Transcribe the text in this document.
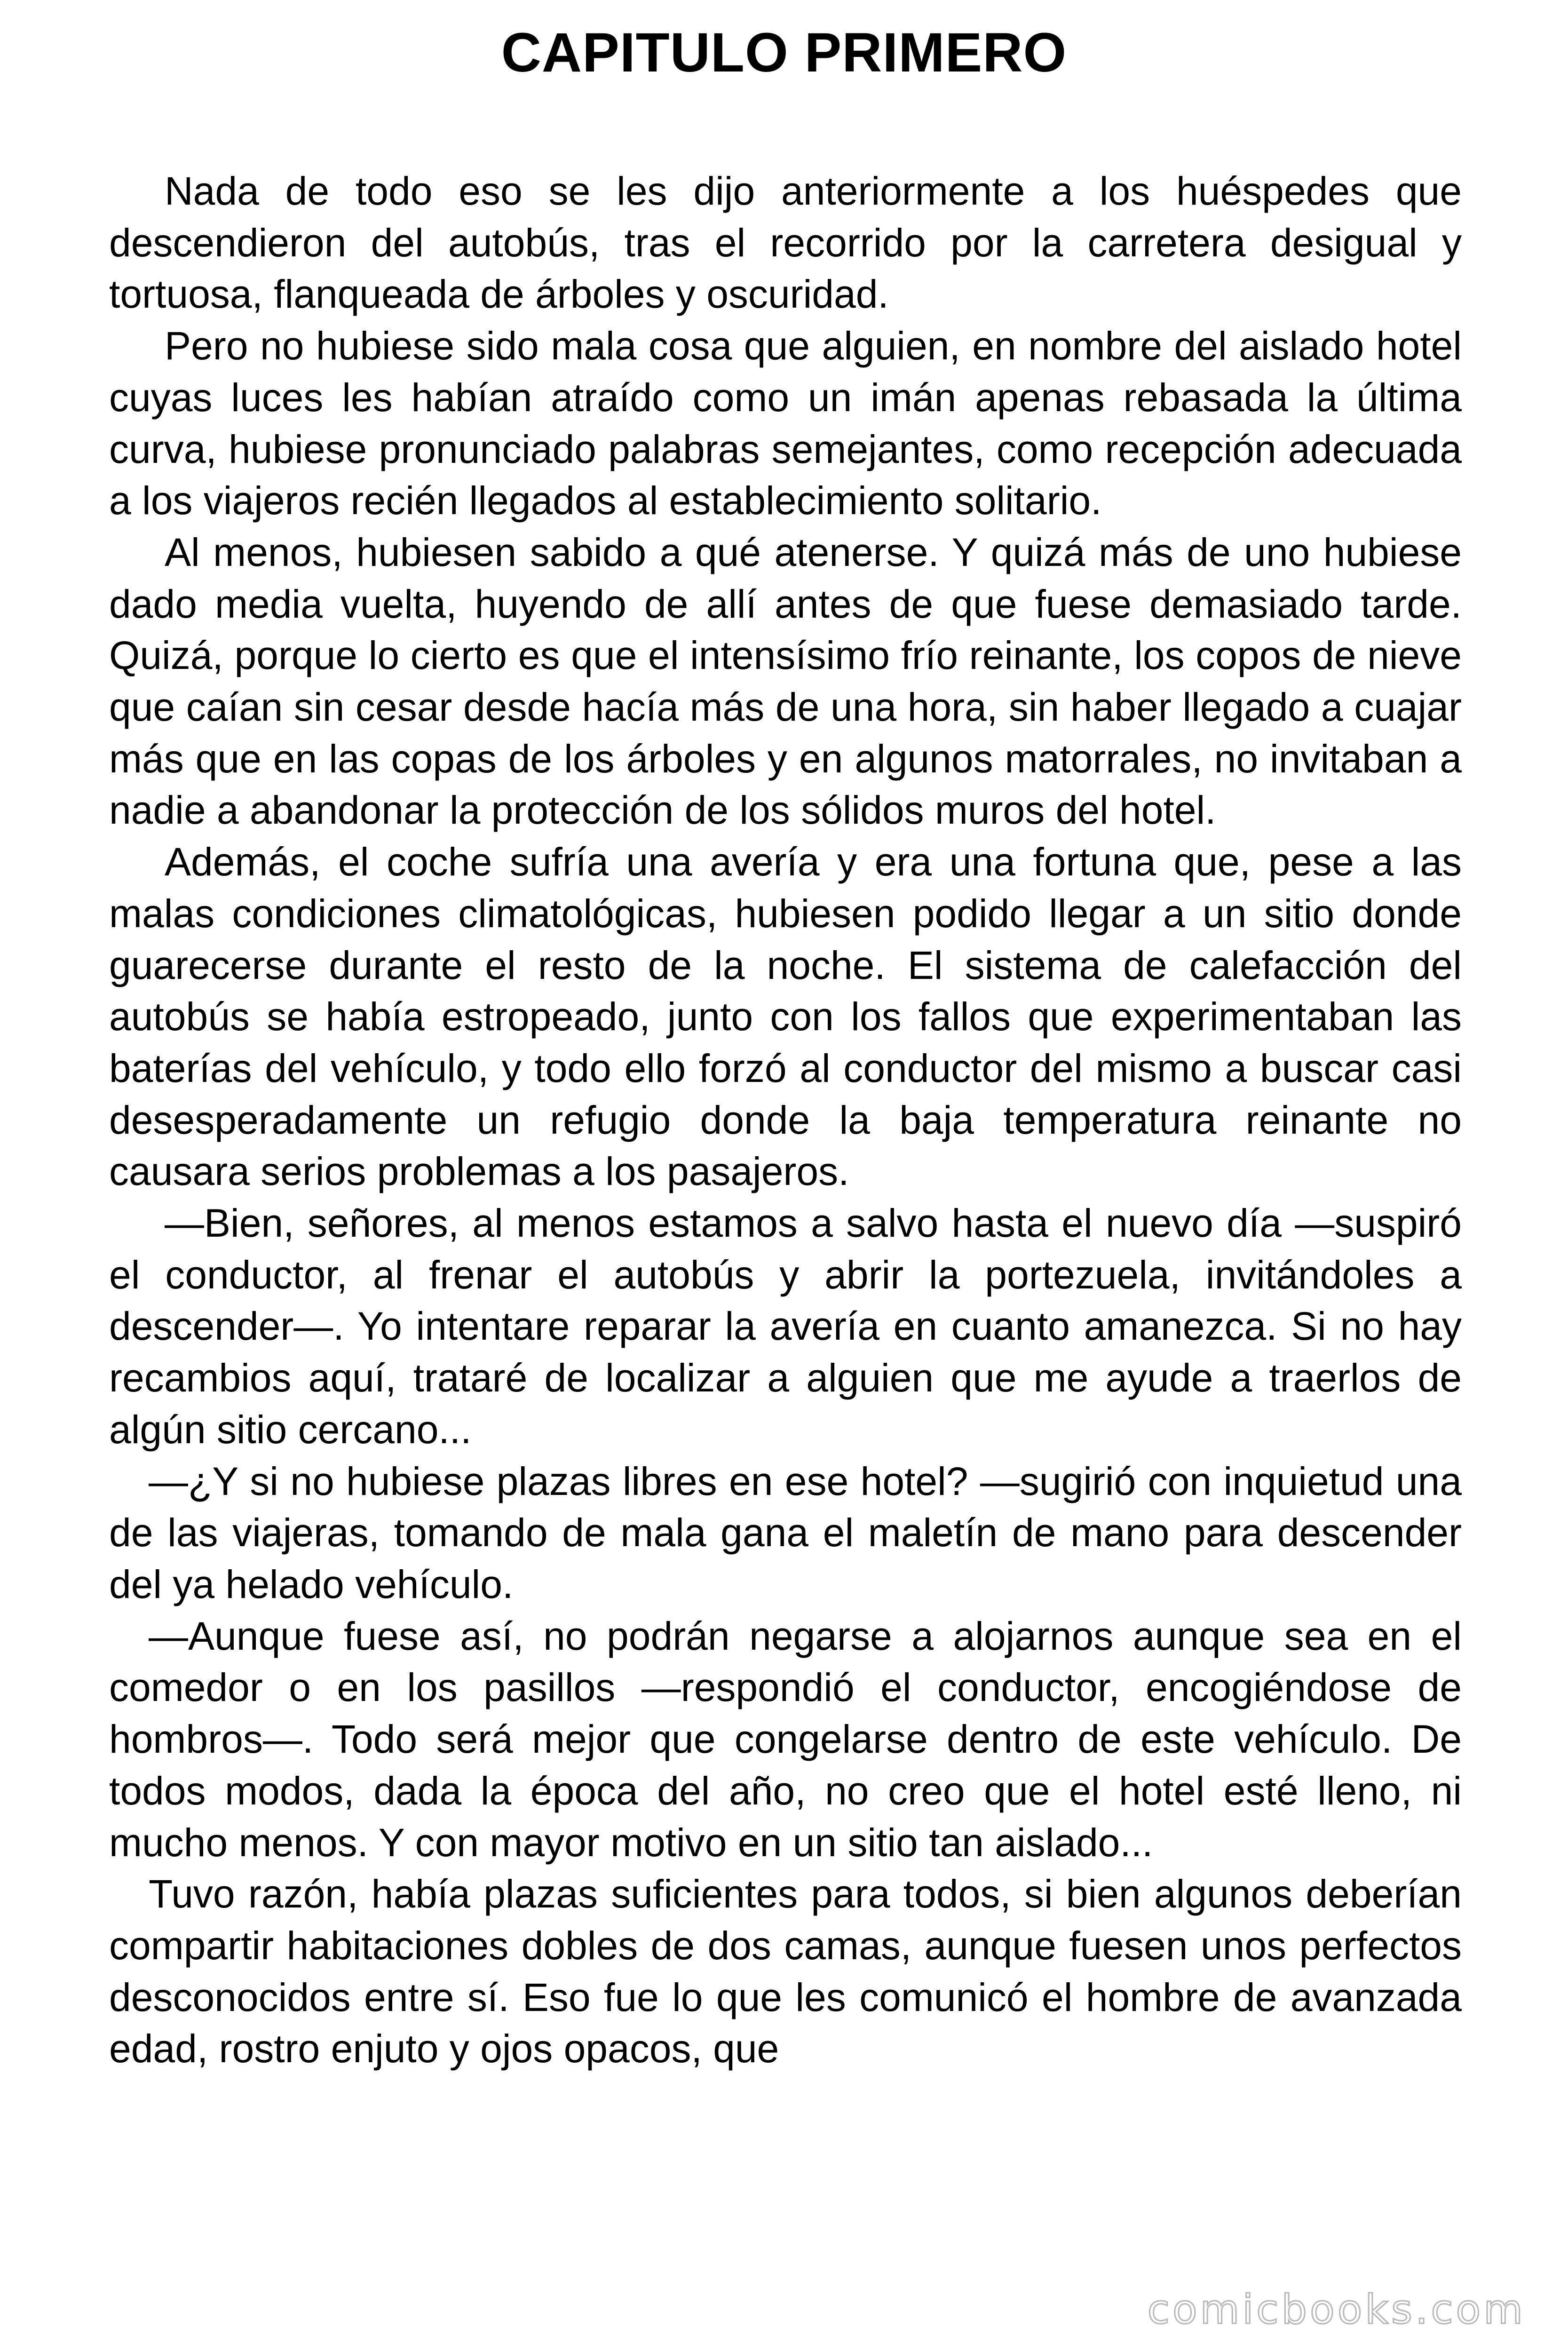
CAPITULO PRIMERO

Nada de todo eso se les dijo anteriormente a los huéspedes que descendieron del autobús, tras el recorrido por la carretera desigual y tortuosa, flanqueada de árboles y oscuridad.

Pero no hubiese sido mala cosa que alguien, en nombre del aislado hotel cuyas luces les habían atraído como un imán apenas rebasada la última curva, hubiese pronunciado palabras semejantes, como recepción adecuada a los viajeros recién llegados al establecimiento solitario.

Al menos, hubiesen sabido a qué atenerse. Y quizá más de uno hubiese dado media vuelta, huyendo de allí antes de que fuese demasiado tarde. Quizá, porque lo cierto es que el intensísimo frío reinante, los copos de nieve que caían sin cesar desde hacía más de una hora, sin haber llegado a cuajar más que en las copas de los árboles y en algunos matorrales, no invitaban a nadie a abandonar la protección de los sólidos muros del hotel.

Además, el coche sufría una avería y era una fortuna que, pese a las malas condiciones climatológicas, hubiesen podido llegar a un sitio donde guarecerse durante el resto de la noche. El sistema de calefacción del autobús se había estropeado, junto con los fallos que experimentaban las baterías del vehículo, y todo ello forzó al conductor del mismo a buscar casi desesperadamente un refugio donde la baja temperatura reinante no causara serios problemas a los pasajeros.

—Bien, señores, al menos estamos a salvo hasta el nuevo día —suspiró el conductor, al frenar el autobús y abrir la portezuela, invitándoles a descender—. Yo intentare reparar la avería en cuanto amanezca. Si no hay recambios aquí, trataré de localizar a alguien que me ayude a traerlos de algún sitio cercano...

—¿Y si no hubiese plazas libres en ese hotel? —sugirió con inquietud una de las viajeras, tomando de mala gana el maletín de mano para descender del ya helado vehículo.

—Aunque fuese así, no podrán negarse a alojarnos aunque sea en el comedor o en los pasillos —respondió el conductor, encogiéndose de hombros—. Todo será mejor que congelarse dentro de este vehículo. De todos modos, dada la época del año, no creo que el hotel esté lleno, ni mucho menos. Y con mayor motivo en un sitio tan aislado...

Tuvo razón, había plazas suficientes para todos, si bien algunos deberían compartir habitaciones dobles de dos camas, aunque fuesen unos perfectos desconocidos entre sí. Eso fue lo que les comunicó el hombre de avanzada edad, rostro enjuto y ojos opacos, que

comicbooks.com
